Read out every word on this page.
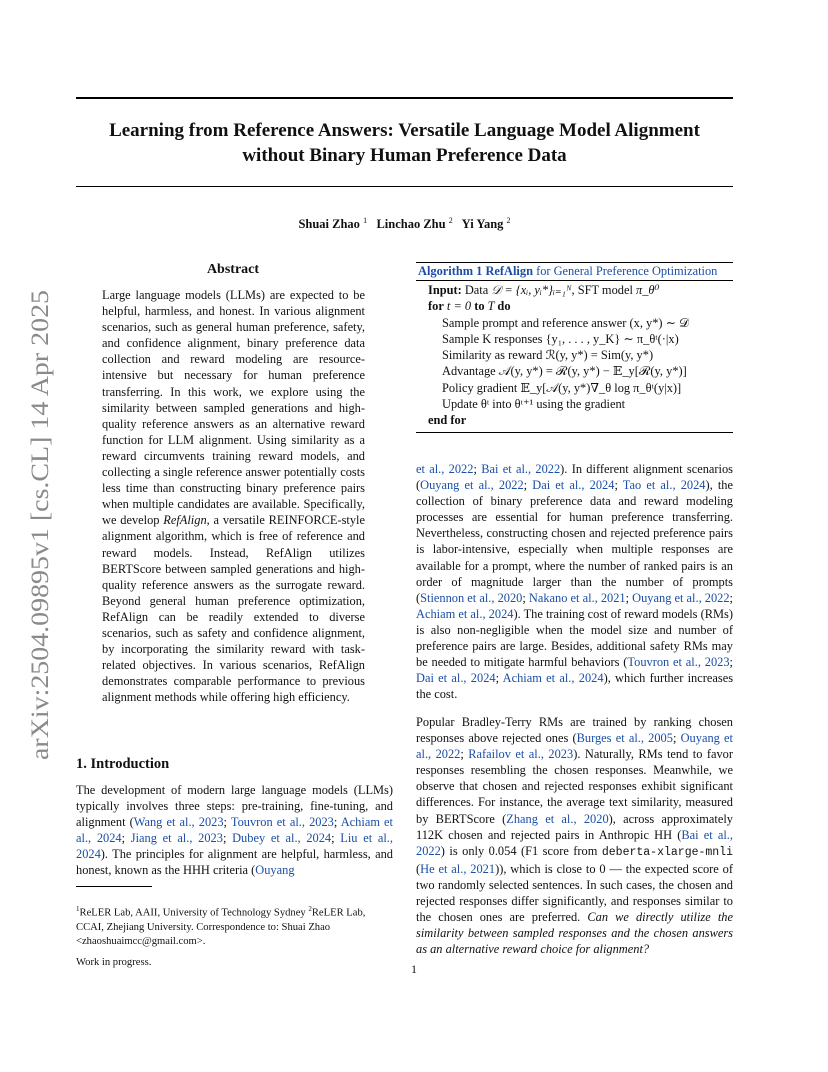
Learning from Reference Answers: Versatile Language Model Alignment
without Binary Human Preference Data
Shuai Zhao $^1$ Linchao Zhu $^2$ Yi Yang $^2$
arXiv:2504.09895v1 [cs.CL] 14 Apr 2025
Abstract
Large language models (LLMs) are expected to be helpful, harmless, and honest. In various alignment scenarios, such as general human preference, safety, and confidence alignment, binary preference data collection and reward modeling are resource-intensive but necessary for human preference transferring. In this work, we explore using the similarity between sampled generations and high-quality reference answers as an alternative reward function for LLM alignment. Using similarity as a reward circumvents training reward models, and collecting a single reference answer potentially costs less time than constructing binary preference pairs when multiple candidates are available. Specifically, we develop RefAlign, a versatile REINFORCE-style alignment algorithm, which is free of reference and reward models. Instead, RefAlign utilizes BERTScore between sampled generations and high-quality reference answers as the surrogate reward. Beyond general human preference optimization, RefAlign can be readily extended to diverse scenarios, such as safety and confidence alignment, by incorporating the similarity reward with task-related objectives. In various scenarios, RefAlign demonstrates comparable performance to previous alignment methods while offering high efficiency.
1. Introduction
The development of modern large language models (LLMs) typically involves three steps: pre-training, fine-tuning, and alignment (Wang et al., 2023; Touvron et al., 2023; Achiam et al., 2024; Jiang et al., 2023; Dubey et al., 2024; Liu et al., 2024). The principles for alignment are helpful, harmless, and honest, known as the HHH criteria (Ouyang
$^1$ReLER Lab, AAII, University of Technology Sydney $^2$ReLER Lab, CCAI, Zhejiang University. Correspondence to: Shuai Zhao <zhaoshuaimcc@gmail.com>.
Work in progress.
Algorithm 1 RefAlign for General Preference Optimization
Input: Data 𝒟 = {xᵢ, yᵢ*}ᵢ₌₁ᴺ, SFT model π_θ⁰
for t = 0 to T do
Sample prompt and reference answer (x, y*) ∼ 𝒟
Sample K responses {y₁, . . . , y_K} ∼ π_θᵗ(·|x)
Similarity as reward ℛ(y, y*) = Sim(y, y*)
Advantage 𝒜(y, y*) = ℛ(y, y*) − 𝔼_y[ℛ(y, y*)]
Policy gradient 𝔼_y[𝒜(y, y*)∇_θ log π_θᵗ(y|x)]
Update θᵗ into θᵗ⁺¹ using the gradient
end for
et al., 2022; Bai et al., 2022). In different alignment scenarios (Ouyang et al., 2022; Dai et al., 2024; Tao et al., 2024), the collection of binary preference data and reward modeling processes are essential for human preference transferring. Nevertheless, constructing chosen and rejected preference pairs is labor-intensive, especially when multiple responses are available for a prompt, where the number of ranked pairs is an order of magnitude larger than the number of prompts (Stiennon et al., 2020; Nakano et al., 2021; Ouyang et al., 2022; Achiam et al., 2024). The training cost of reward models (RMs) is also non-negligible when the model size and number of preference pairs are large. Besides, additional safety RMs may be needed to mitigate harmful behaviors (Touvron et al., 2023; Dai et al., 2024; Achiam et al., 2024), which further increases the cost.
Popular Bradley-Terry RMs are trained by ranking chosen responses above rejected ones (Burges et al., 2005; Ouyang et al., 2022; Rafailov et al., 2023). Naturally, RMs tend to favor responses resembling the chosen responses. Meanwhile, we observe that chosen and rejected responses exhibit significant differences. For instance, the average text similarity, measured by BERTScore (Zhang et al., 2020), across approximately 112K chosen and rejected pairs in Anthropic HH (Bai et al., 2022) is only 0.054 (F1 score from deberta-xlarge-mnli (He et al., 2021)), which is close to 0 — the expected score of two randomly selected sentences. In such cases, the chosen and rejected responses differ significantly, and responses similar to the chosen ones are preferred. Can we directly utilize the similarity between sampled responses and the chosen answers as an alternative reward choice for alignment?
1
